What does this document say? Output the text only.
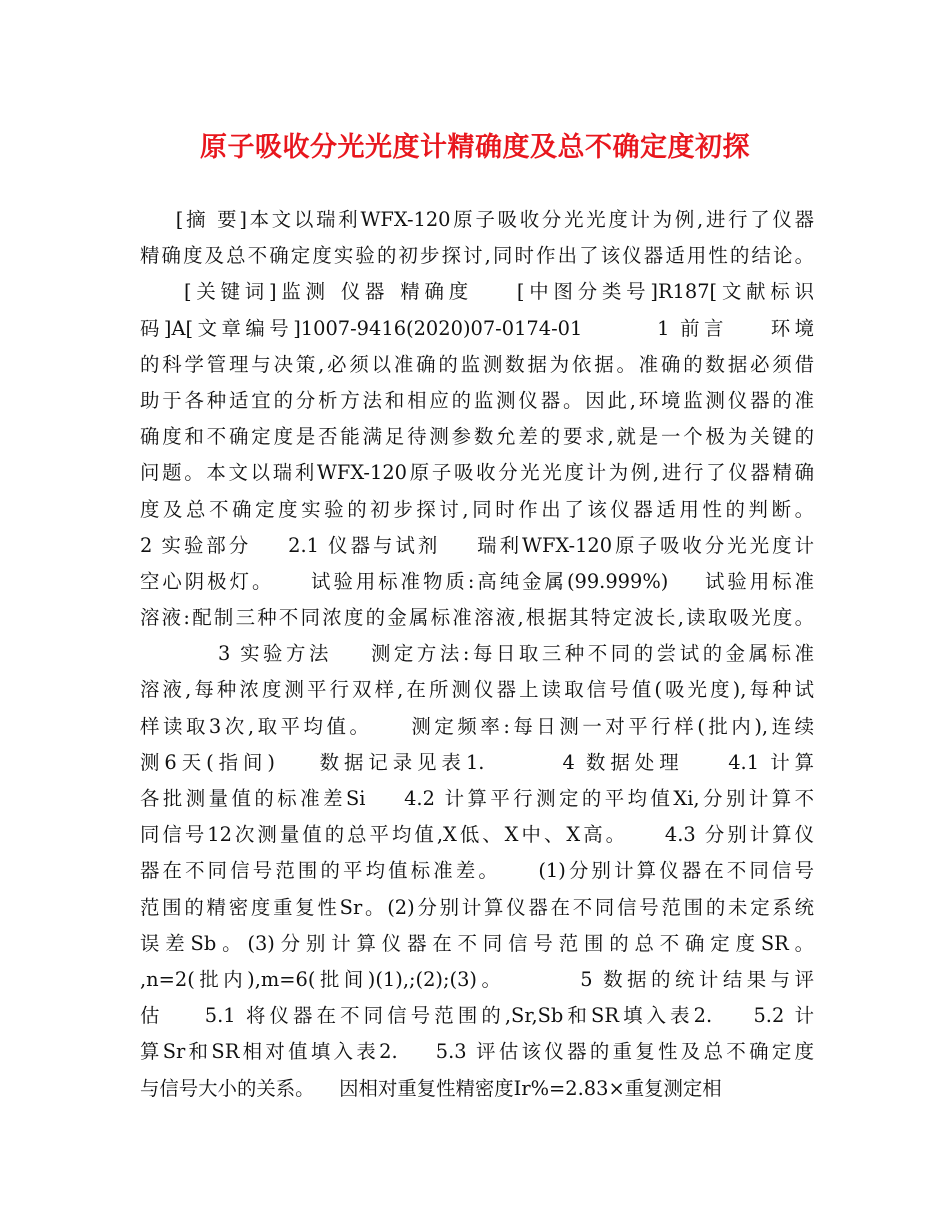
原子吸收分光光度计精确度及总不确定度初探
[摘 要]本文以瑞利WFX-120原子吸收分光光度计为例,进行了仪器
精确度及总不确定度实验的初步探讨,同时作出了该仪器适用性的结论。
[关键词]监测 仪器 精确度    [中图分类号]R187[文献标识
码]A[文章编号]1007-9416(2020)07-0174-01       1 前言    环境
的科学管理与决策,必须以准确的监测数据为依据。准确的数据必须借
助于各种适宜的分析方法和相应的监测仪器。因此,环境监测仪器的准
确度和不确定度是否能满足待测参数允差的要求,就是一个极为关键的
问题。本文以瑞利WFX-120原子吸收分光光度计为例,进行了仪器精确
度及总不确定度实验的初步探讨,同时作出了该仪器适用性的判断。
2 实验部分    2.1 仪器与试剂    瑞利WFX-120原子吸收分光光度计
空心阴极灯。    试验用标准物质:高纯金属(99.999%)    试验用标准
溶液:配制三种不同浓度的金属标准溶液,根据其特定波长,读取吸光度。
3 实验方法    测定方法:每日取三种不同的尝试的金属标准
溶液,每种浓度测平行双样,在所测仪器上读取信号值(吸光度),每种试
样读取3次,取平均值。    测定频率:每日测一对平行样(批内),连续
测6天(指间)    数据记录见表1.       4 数据处理    4.1 计算
各批测量值的标准差Si    4.2 计算平行测定的平均值Xi,分别计算不
同信号12次测量值的总平均值,X低、X中、X高。    4.3 分别计算仪
器在不同信号范围的平均值标准差。    (1)分别计算仪器在不同信号
范围的精密度重复性Sr。(2)分别计算仪器在不同信号范围的未定系统
误差Sb。(3)分别计算仪器在不同信号范围的总不确定度SR。
,n=2(批内),m=6(批间)(1),;(2);(3)。       5 数据的统计结果与评
估    5.1 将仪器在不同信号范围的,Sr,Sb和SR填入表2.    5.2 计
算Sr和SR相对值填入表2.    5.3 评估该仪器的重复性及总不确定度
与信号大小的关系。    因相对重复性精密度Ir%=2.83×重复测定相
